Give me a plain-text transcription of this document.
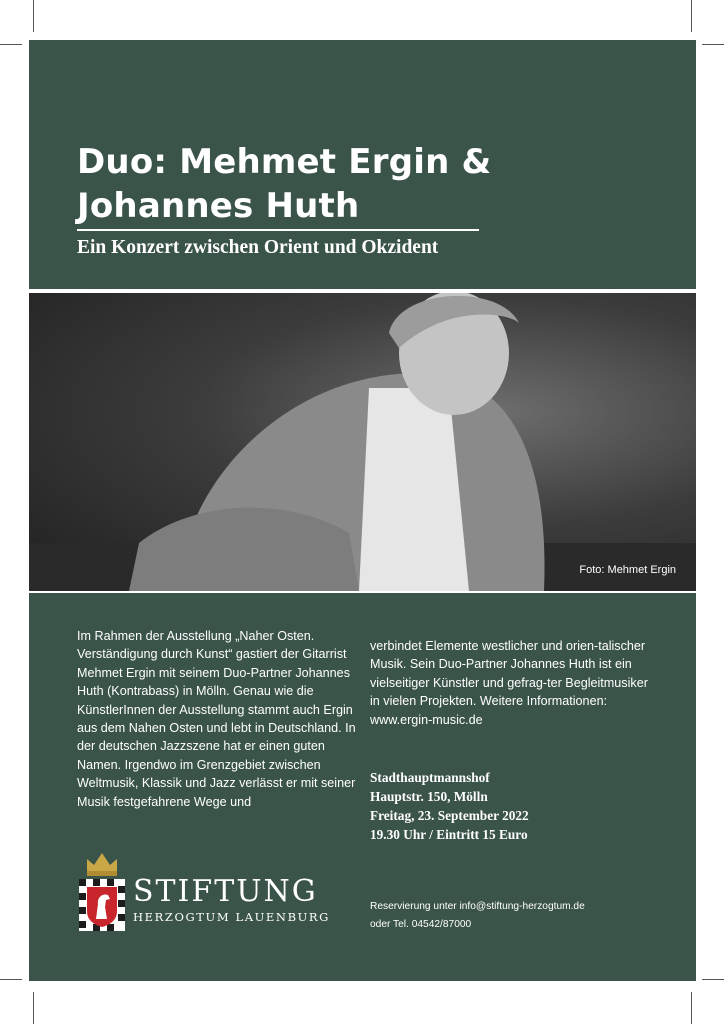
Duo: Mehmet Ergin & Johannes Huth
Ein Konzert zwischen Orient und Okzident
Foto: Mehmet Ergin

Im Rahmen der Ausstellung „Naher Osten. Verständigung durch Kunst“ gastiert der Gitarrist Mehmet Ergin mit seinem Duo-Partner Johannes Huth (Kontrabass) in Mölln. Genau wie die KünstlerInnen der Ausstellung stammt auch Ergin aus dem Nahen Osten und lebt in Deutschland. In der deutschen Jazzszene hat er einen guten Namen. Irgendwo im Grenzgebiet zwischen Weltmusik, Klassik und Jazz verlässt er mit seiner Musik festgefahrene Wege und

verbindet Elemente westlicher und orien-talischer Musik. Sein Duo-Partner Johannes Huth ist ein vielseitiger Künstler und gefrag-ter Begleitmusiker in vielen Projekten. Weitere Informationen: www.ergin-music.de

Stadthauptmannshof
Hauptstr. 150, Mölln
Freitag, 23. September 2022
19.30 Uhr / Eintritt 15 Euro
STIFTUNG
HERZOGTUM LAUENBURG
Reservierung unter info@stiftung-herzogtum.de
oder Tel. 04542/87000
